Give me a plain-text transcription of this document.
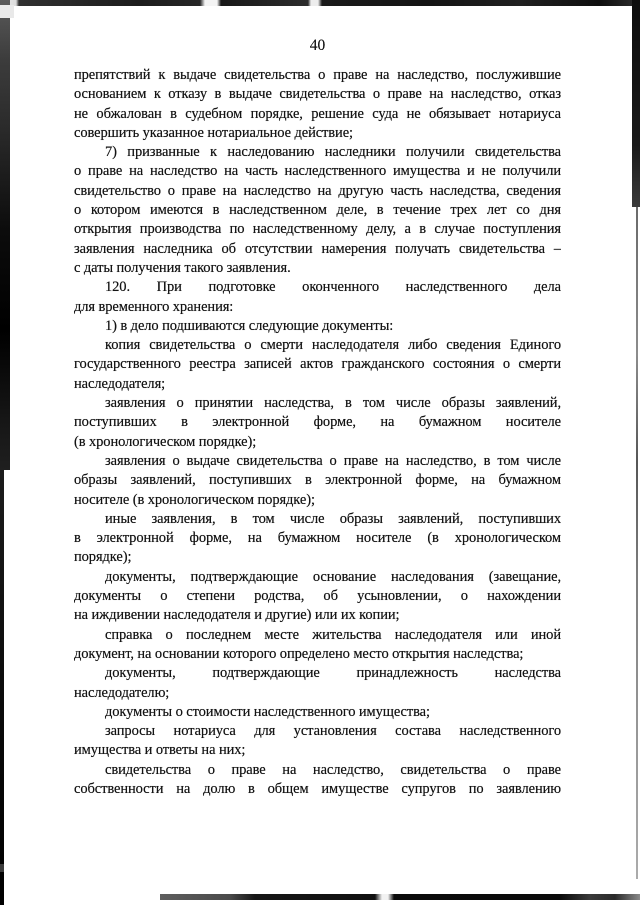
40
препятствий к выдаче свидетельства о праве на наследство, послужившие
основанием к отказу в выдаче свидетельства о праве на наследство, отказ
не обжалован в судебном порядке, решение суда не обязывает нотариуса
совершить указанное нотариальное действие;
7) призванные к наследованию наследники получили свидетельства
о праве на наследство на часть наследственного имущества и не получили
свидетельство о праве на наследство на другую часть наследства, сведения
о котором имеются в наследственном деле, в течение трех лет со дня
открытия производства по наследственному делу, а в случае поступления
заявления наследника об отсутствии намерения получать свидетельства –
с даты получения такого заявления.
120. При подготовке оконченного наследственного дела
для временного хранения:
1) в дело подшиваются следующие документы:
копия свидетельства о смерти наследодателя либо сведения Единого
государственного реестра записей актов гражданского состояния о смерти
наследодателя;
заявления о принятии наследства, в том числе образы заявлений,
поступивших в электронной форме, на бумажном носителе
(в хронологическом порядке);
заявления о выдаче свидетельства о праве на наследство, в том числе
образы заявлений, поступивших в электронной форме, на бумажном
носителе (в хронологическом порядке);
иные заявления, в том числе образы заявлений, поступивших
в электронной форме, на бумажном носителе (в хронологическом
порядке);
документы, подтверждающие основание наследования (завещание,
документы о степени родства, об усыновлении, о нахождении
на иждивении наследодателя и другие) или их копии;
справка о последнем месте жительства наследодателя или иной
документ, на основании которого определено место открытия наследства;
документы, подтверждающие принадлежность наследства
наследодателю;
документы о стоимости наследственного имущества;
запросы нотариуса для установления состава наследственного
имущества и ответы на них;
свидетельства о праве на наследство, свидетельства о праве
собственности на долю в общем имуществе супругов по заявлению
